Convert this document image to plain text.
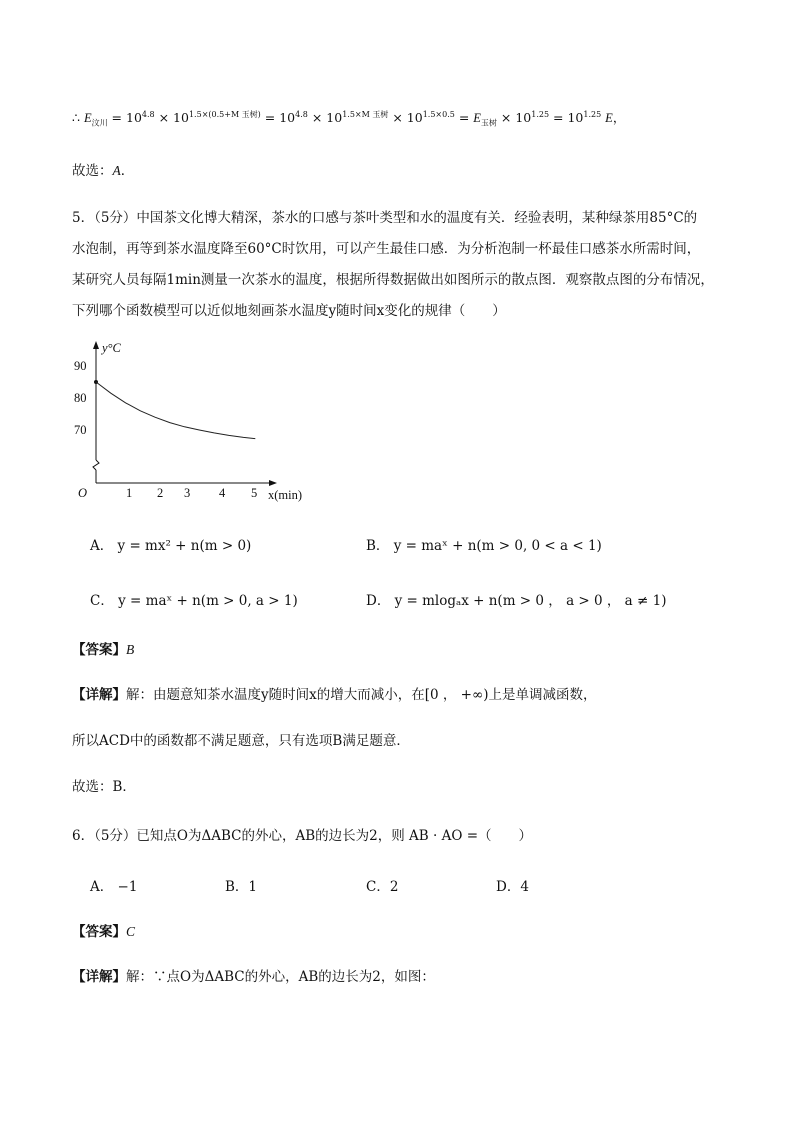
∴ $E_{汶川} = 10^{4.8} \times 10^{1.5\times(0.5+M 玉树)} = 10^{4.8} \times 10^{1.5\times M 玉树} \times 10^{1.5\times 0.5} = E_{玉树} \times 10^{1.25} = 10^{1.25}$ E，
故选：A．
5．（5分）中国茶文化博大精深，茶水的口感与茶叶类型和水的温度有关．经验表明，某种绿茶用85°C的
水泡制，再等到茶水温度降至60°C时饮用，可以产生最佳口感．为分析泡制一杯最佳口感茶水所需时间，
某研究人员每隔1min测量一次茶水的温度，根据所得数据做出如图所示的散点图．观察散点图的分布情况，
下列哪个函数模型可以近似地刻画茶水温度y随时间x变化的规律（　　）
y°C
O	x(min)
70
80
90
1 2 3 4 5
A． y = mx² + n(m > 0)	B． y = maˣ + n(m > 0, 0 < a < 1)
C． y = maˣ + n(m > 0, a > 1)	D． y = mlogₐx + n(m > 0 ， a > 0 ， a ≠ 1)
【答案】B
【详解】解：由题意知茶水温度y随时间x的增大而减小，在[0 ， +∞)上是单调减函数，
所以ACD中的函数都不满足题意，只有选项B满足题意．
故选：B．
6．（5分）已知点O为ΔABC的外心，AB的边长为2，则 AB · AO =（　　）
A． −1	B．1	C．2	D．4
【答案】C
【详解】解：∵点O为ΔABC的外心，AB的边长为2，如图：
